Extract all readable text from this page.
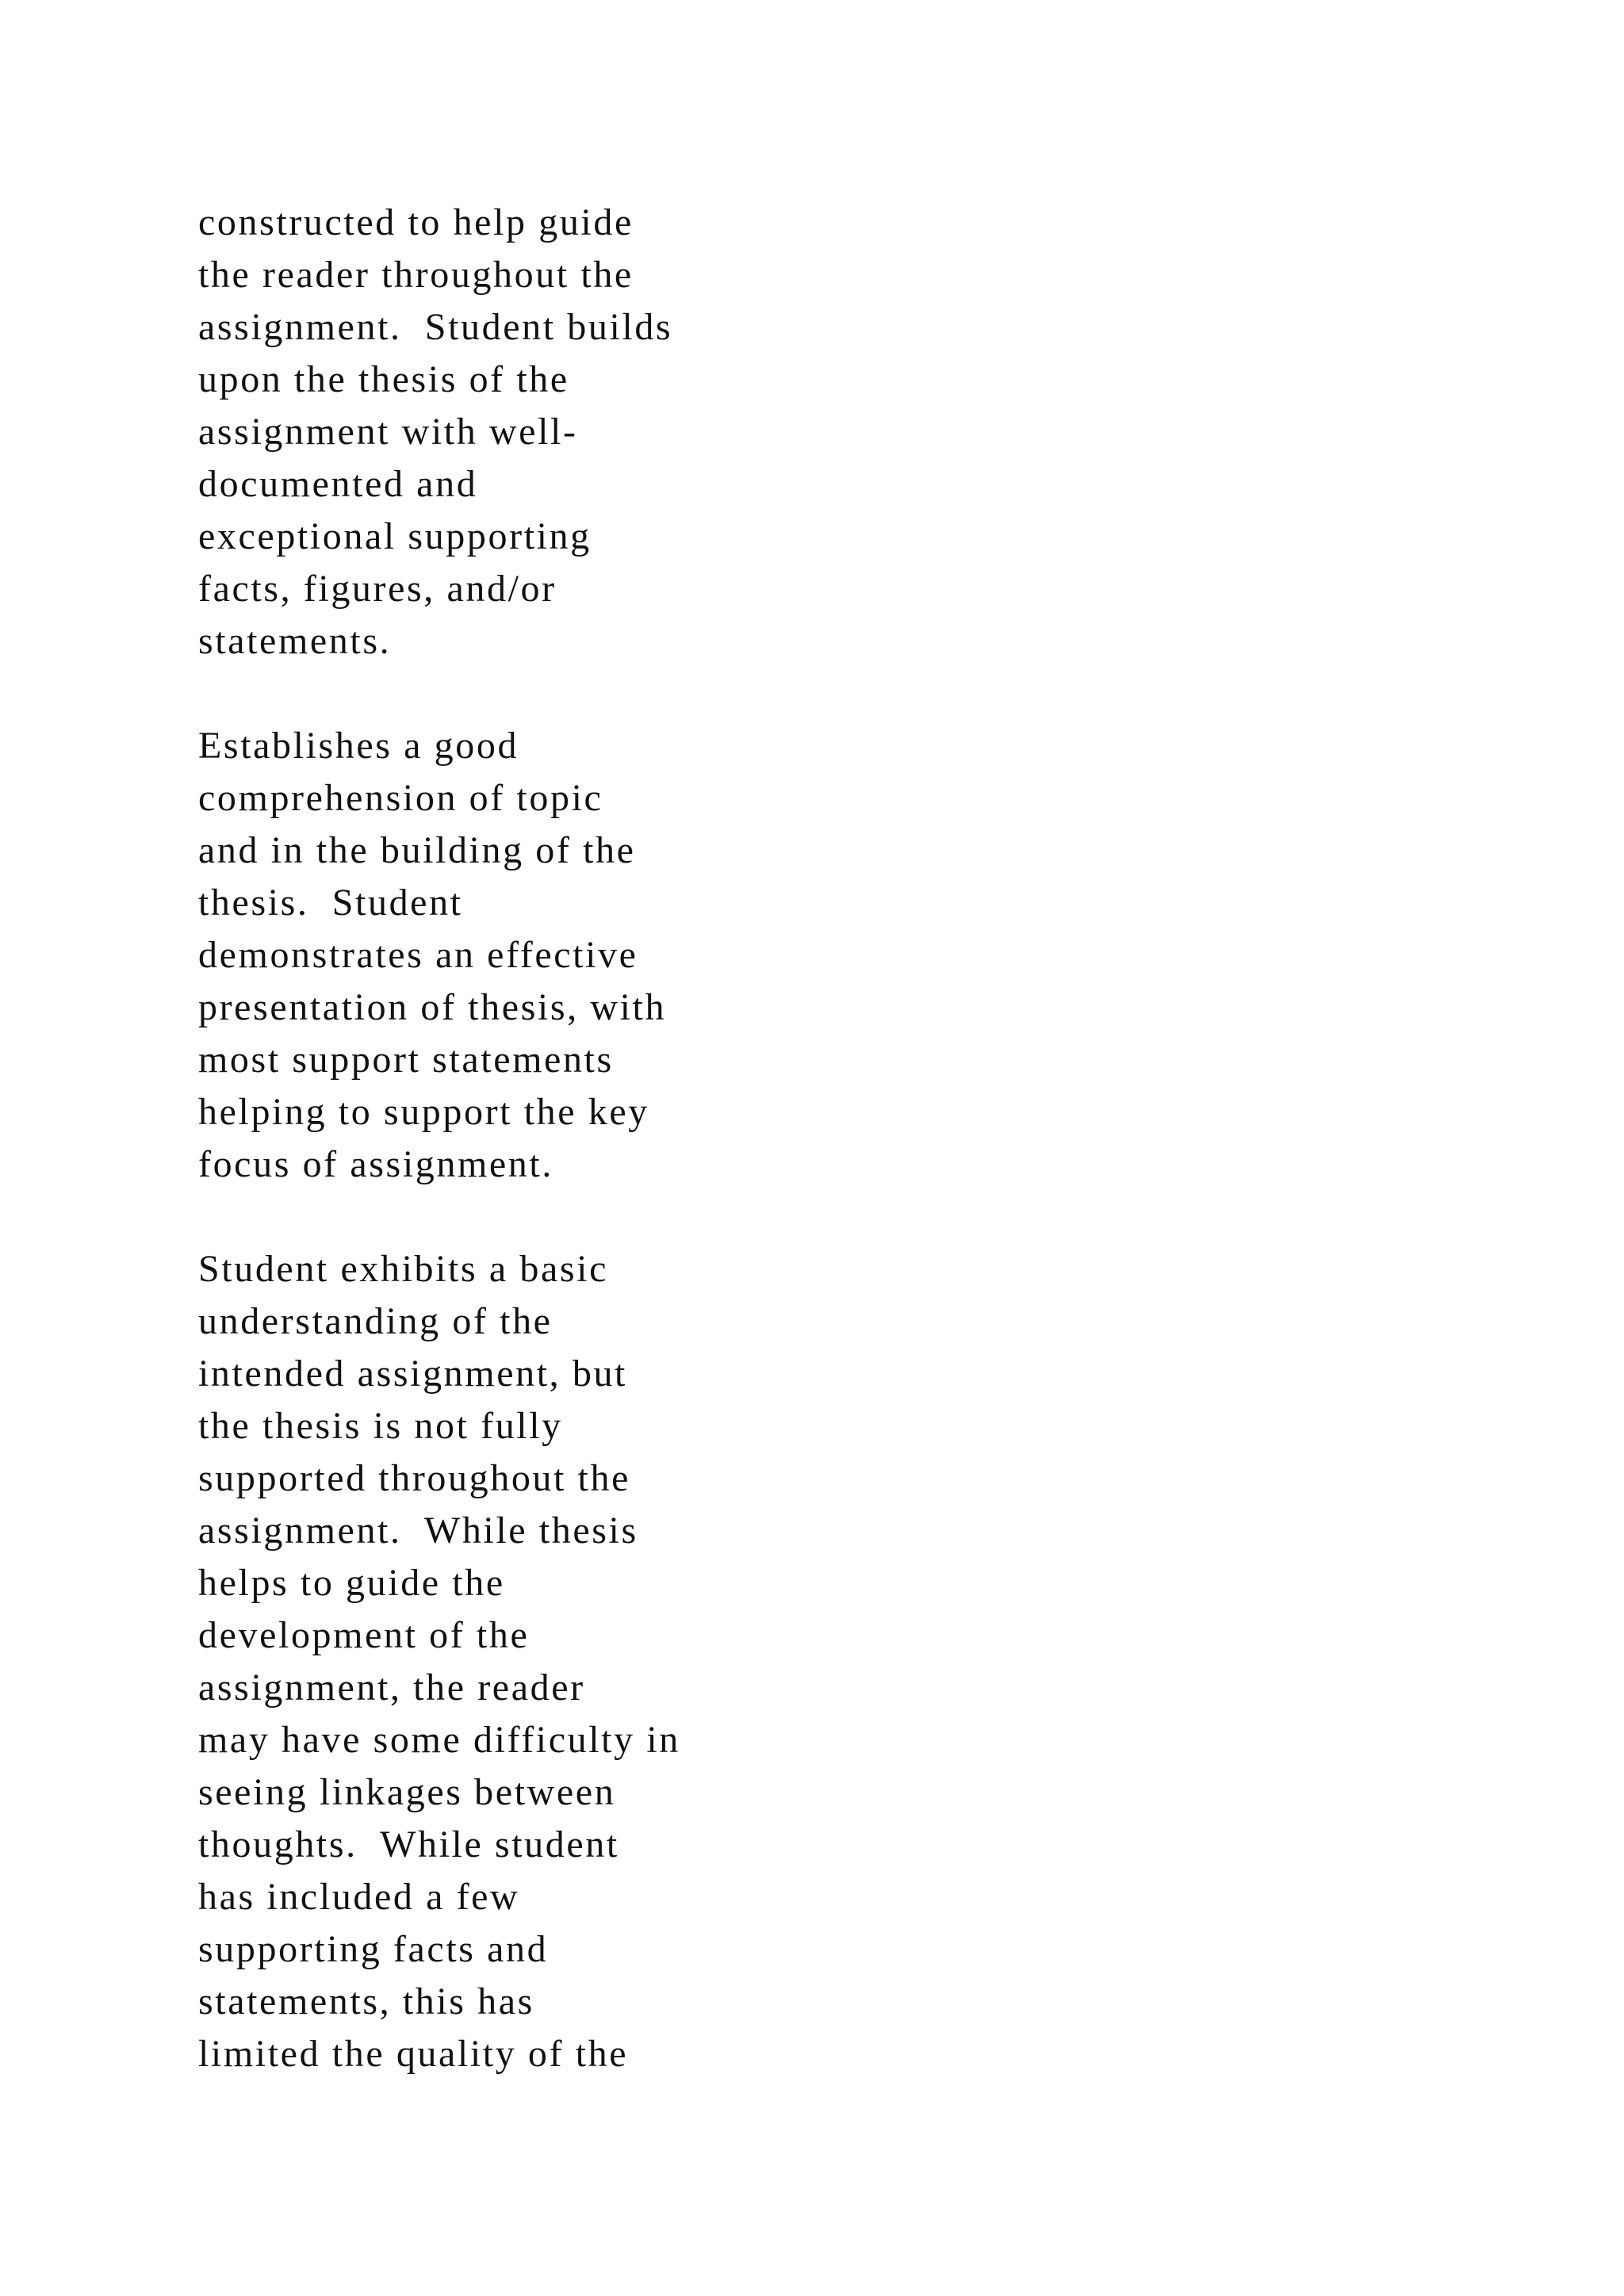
constructed to help guide
the reader throughout the
assignment.  Student builds
upon the thesis of the
assignment with well-
documented and
exceptional supporting
facts, figures, and/or
statements.
Establishes a good
comprehension of topic
and in the building of the
thesis.  Student
demonstrates an effective
presentation of thesis, with
most support statements
helping to support the key
focus of assignment.
Student exhibits a basic
understanding of the
intended assignment, but
the thesis is not fully
supported throughout the
assignment.  While thesis
helps to guide the
development of the
assignment, the reader
may have some difficulty in
seeing linkages between
thoughts.  While student
has included a few
supporting facts and
statements, this has
limited the quality of the
